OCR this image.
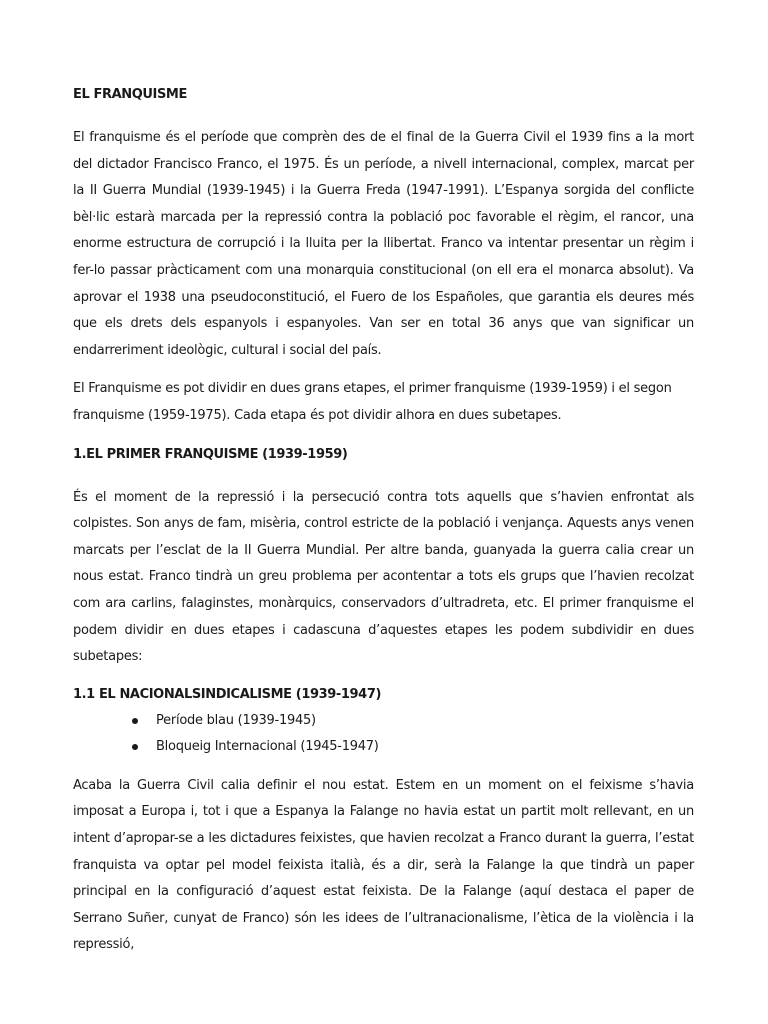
EL FRANQUISME

El franquisme és el període que comprèn des de el final de la Guerra Civil el 1939 fins a la mort del dictador Francisco Franco, el 1975. És un període, a nivell internacional, complex, marcat per la II Guerra Mundial (1939-1945) i la Guerra Freda (1947-1991). L’Espanya sorgida del conflicte bèl·lic estarà marcada per la repressió contra la població poc favorable el règim, el rancor, una enorme estructura de corrupció i la lluita per la llibertat. Franco va intentar presentar un règim i fer-lo passar pràcticament com una monarquia constitucional (on ell era el monarca absolut). Va aprovar el 1938 una pseudoconstitució, el Fuero de los Españoles, que garantia els deures més que els drets dels espanyols i espanyoles. Van ser en total 36 anys que van significar un endarreriment ideològic, cultural i social del país.

El Franquisme es pot dividir en dues grans etapes, el primer franquisme (1939-1959) i el segon franquisme (1959-1975). Cada etapa és pot dividir alhora en dues subetapes.

1.EL PRIMER FRANQUISME (1939-1959)

És el moment de la repressió i la persecució contra tots aquells que s’havien enfrontat als colpistes. Son anys de fam, misèria, control estricte de la població i venjança. Aquests anys venen marcats per l’esclat de la II Guerra Mundial. Per altre banda, guanyada la guerra calia crear un nous estat. Franco tindrà un greu problema per acontentar a tots els grups que l’havien recolzat com ara carlins, falaginstes, monàrquics, conservadors d’ultradreta, etc. El primer franquisme el podem dividir en dues etapes i cadascuna d’aquestes etapes les podem subdividir en dues subetapes:

1.1 EL NACIONALSINDICALISME (1939-1947)
Període blau (1939-1945)
Bloqueig Internacional (1945-1947)

Acaba la Guerra Civil calia definir el nou estat. Estem en un moment on el feixisme s’havia imposat a Europa i, tot i que a Espanya la Falange no havia estat un partit molt rellevant, en un intent d’apropar-se a les dictadures feixistes, que havien recolzat a Franco durant la guerra, l’estat franquista va optar pel model feixista italià, és a dir, serà la Falange la que tindrà un paper principal en la configuració d’aquest estat feixista. De la Falange (aquí destaca el paper de Serrano Suñer, cunyat de Franco) són les idees de l’ultranacionalisme, l’ètica de la violència i la repressió,
